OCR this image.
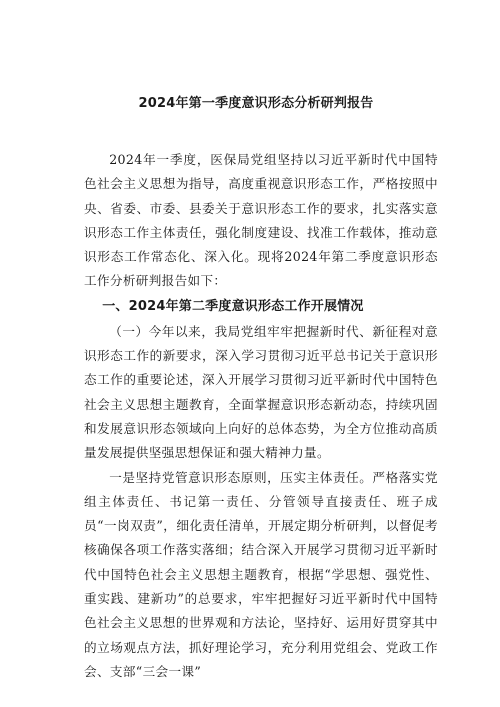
2024年第一季度意识形态分析研判报告

2024年一季度，医保局党组坚持以习近平新时代中国特色社会主义思想为指导，高度重视意识形态工作，严格按照中央、省委、市委、县委关于意识形态工作的要求，扎实落实意识形态工作主体责任，强化制度建设、找准工作载体，推动意识形态工作常态化、深入化。现将2024年第二季度意识形态工作分析研判报告如下：

一、2024年第二季度意识形态工作开展情况

（一）今年以来，我局党组牢牢把握新时代、新征程对意识形态工作的新要求，深入学习贯彻习近平总书记关于意识形态工作的重要论述，深入开展学习贯彻习近平新时代中国特色社会主义思想主题教育，全面掌握意识形态新动态，持续巩固和发展意识形态领域向上向好的总体态势，为全方位推动高质量发展提供坚强思想保证和强大精神力量。

一是坚持党管意识形态原则，压实主体责任。严格落实党组主体责任、书记第一责任、分管领导直接责任、班子成员“一岗双责”，细化责任清单，开展定期分析研判，以督促考核确保各项工作落实落细；结合深入开展学习贯彻习近平新时代中国特色社会主义思想主题教育，根据“学思想、强党性、重实践、建新功”的总要求，牢牢把握好习近平新时代中国特色社会主义思想的世界观和方法论，坚持好、运用好贯穿其中的立场观点方法，抓好理论学习，充分利用党组会、党政工作会、支部“三会一课”
